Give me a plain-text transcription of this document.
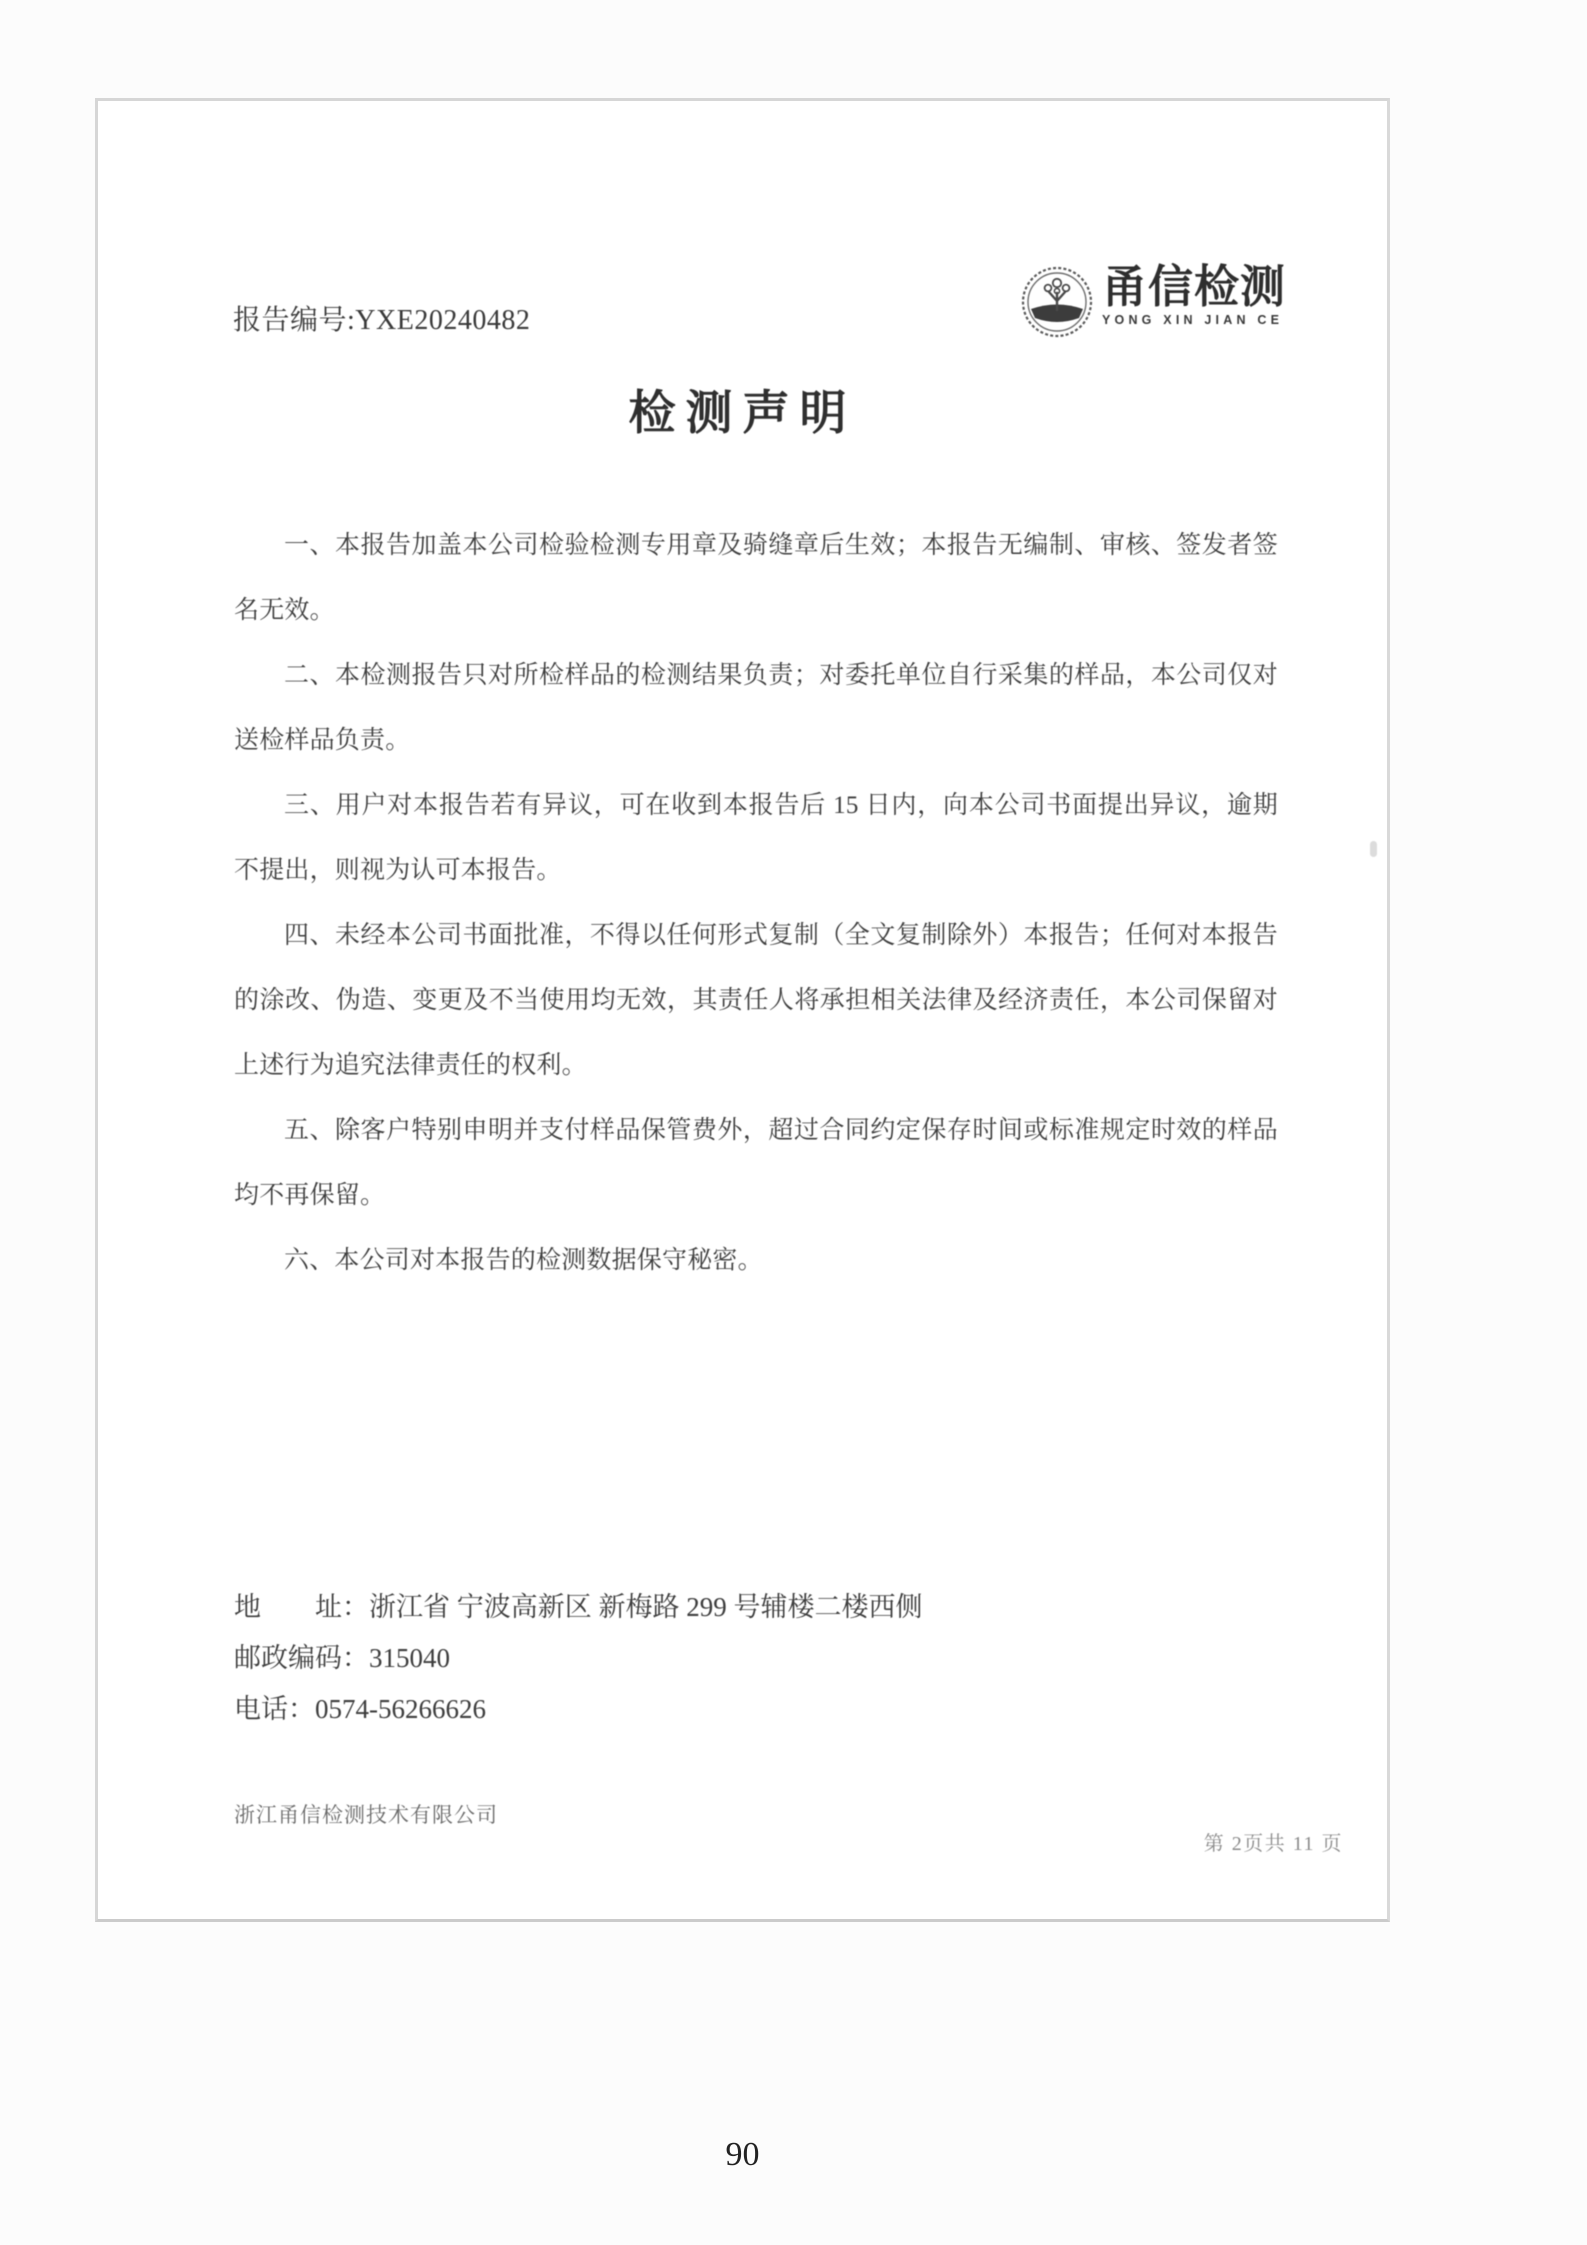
报告编号:YXE20240482
甬信检测
YONG XIN JIAN CE
检测声明

一、本报告加盖本公司检验检测专用章及骑缝章后生效；本报告无编制、审核、签发者签名无效。

二、本检测报告只对所检样品的检测结果负责；对委托单位自行采集的样品，本公司仅对送检样品负责。

三、用户对本报告若有异议，可在收到本报告后 15 日内，向本公司书面提出异议，逾期不提出，则视为认可本报告。

四、未经本公司书面批准，不得以任何形式复制（全文复制除外）本报告；任何对本报告的涂改、伪造、变更及不当使用均无效，其责任人将承担相关法律及经济责任，本公司保留对上述行为追究法律责任的权利。

五、除客户特别申明并支付样品保管费外，超过合同约定保存时间或标准规定时效的样品均不再保留。

六、本公司对本报告的检测数据保守秘密。

地　　址：浙江省 宁波高新区 新梅路 299 号辅楼二楼西侧

邮政编码：315040

电话：0574-56266626

浙江甬信检测技术有限公司
第 2页共 11 页
90
